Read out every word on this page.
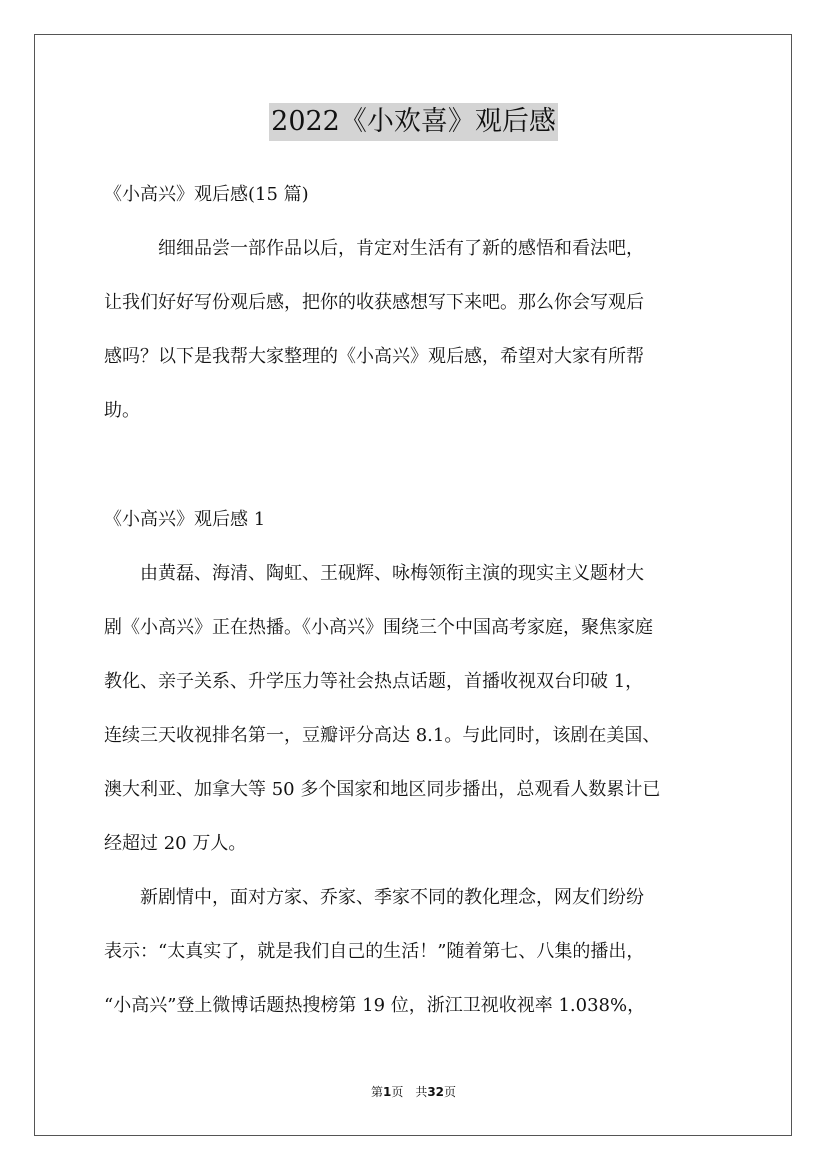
2022《小欢喜》观后感
《小高兴》观后感(15 篇)
　　　细细品尝一部作品以后，肯定对生活有了新的感悟和看法吧，
让我们好好写份观后感，把你的收获感想写下来吧。那么你会写观后
感吗？以下是我帮大家整理的《小高兴》观后感，希望对大家有所帮
助。
《小高兴》观后感 1
　　由黄磊、海清、陶虹、王砚辉、咏梅领衔主演的现实主义题材大
剧《小高兴》正在热播。《小高兴》围绕三个中国高考家庭，聚焦家庭
教化、亲子关系、升学压力等社会热点话题，首播收视双台印破 1，
连续三天收视排名第一，豆瓣评分高达 8.1。与此同时，该剧在美国、
澳大利亚、加拿大等 50 多个国家和地区同步播出，总观看人数累计已
经超过 20 万人。
　　新剧情中，面对方家、乔家、季家不同的教化理念，网友们纷纷
表示：“太真实了，就是我们自己的生活！”随着第七、八集的播出，
“小高兴”登上微博话题热搜榜第 19 位，浙江卫视收视率 1.038%，
第1页　共32页
